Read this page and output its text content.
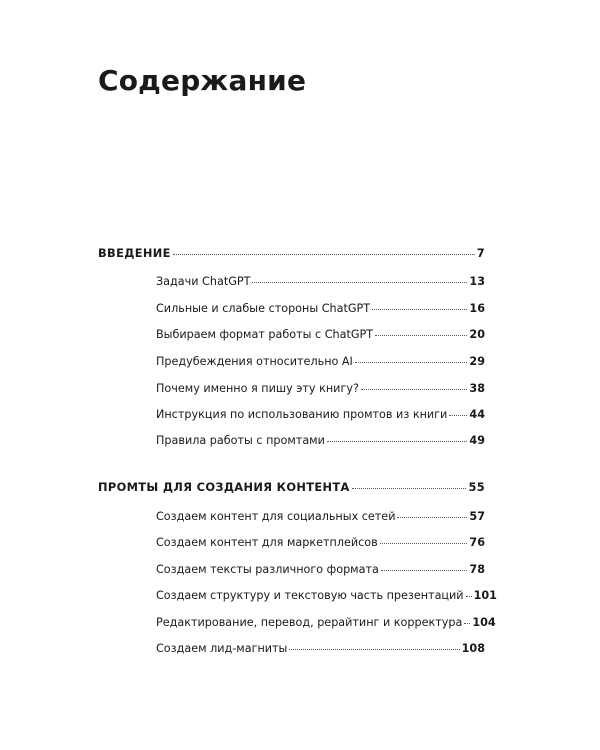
Содержание
ВВЕДЕНИЕ	7
Задачи ChatGPT	13
Сильные и слабые стороны ChatGPT	16
Выбираем формат работы с ChatGPT	20
Предубеждения относительно AI	29
Почему именно я пишу эту книгу?	38
Инструкция по использованию промтов из книги 44
Правила работы с промтами	49
ПРОМТЫ ДЛЯ СОЗДАНИЯ КОНТЕНТА	55
Создаем контент для социальных сетей	57
Создаем контент для маркетплейсов	76
Создаем тексты различного формата	78
Создаем структуру и текстовую часть презентаций 101
Редактирование, перевод, рерайтинг и корректура 104
Создаем лид-магниты	108
